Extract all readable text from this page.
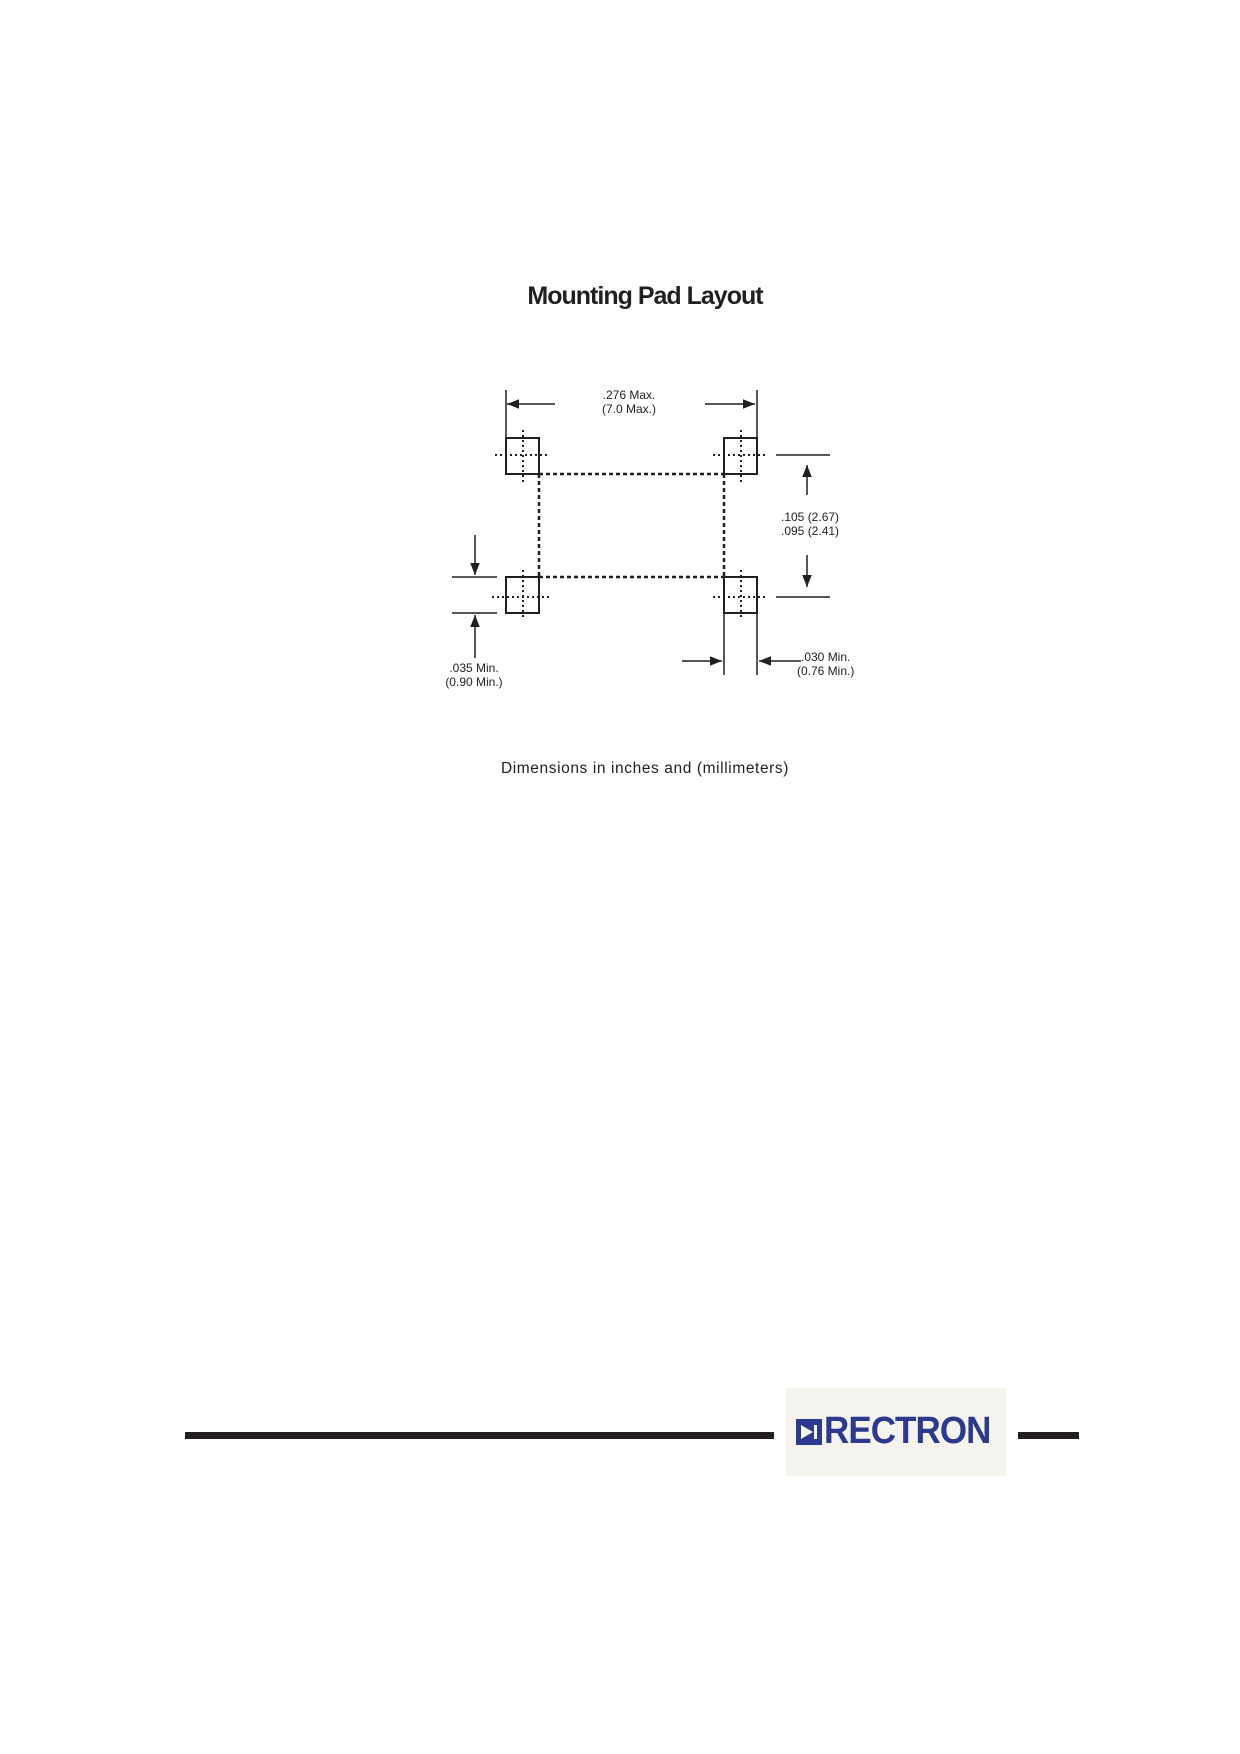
Mounting Pad Layout
.276 Max.
(7.0 Max.)
.105 (2.67)
.095 (2.41)
.035 Min.
(0.90 Min.)
.030 Min.
(0.76 Min.)
Dimensions in inches and (millimeters)
RECTRON
